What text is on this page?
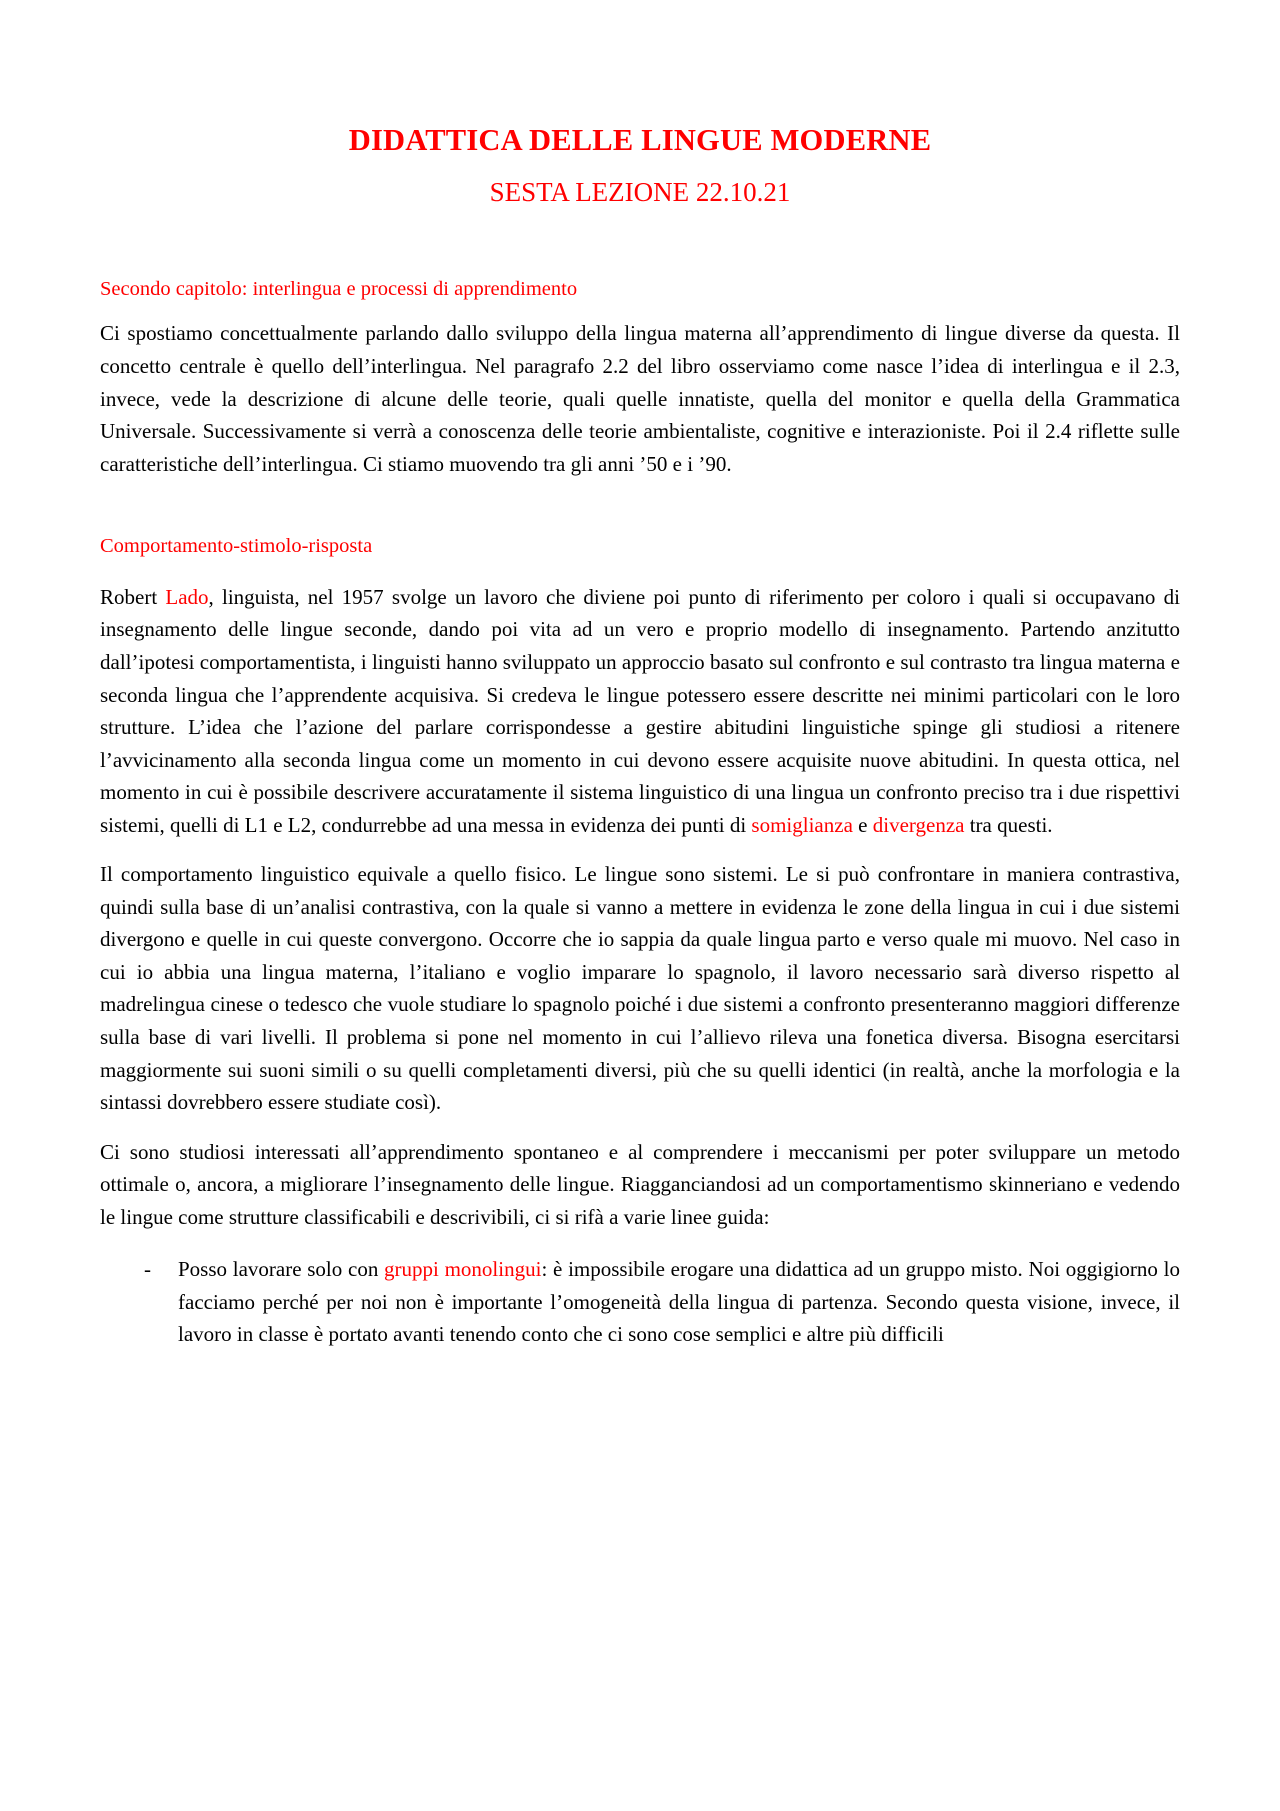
DIDATTICA DELLE LINGUE MODERNE
SESTA LEZIONE 22.10.21
Secondo capitolo: interlingua e processi di apprendimento

Ci spostiamo concettualmente parlando dallo sviluppo della lingua materna all’apprendimento di lingue diverse da questa. Il concetto centrale è quello dell’interlingua. Nel paragrafo 2.2 del libro osserviamo come nasce l’idea di interlingua e il 2.3, invece, vede la descrizione di alcune delle teorie, quali quelle innatiste, quella del monitor e quella della Grammatica Universale. Successivamente si verrà a conoscenza delle teorie ambientaliste, cognitive e interazioniste. Poi il 2.4 riflette sulle caratteristiche dell’interlingua. Ci stiamo muovendo tra gli anni ’50 e i ’90.

Comportamento-stimolo-risposta

Robert Lado, linguista, nel 1957 svolge un lavoro che diviene poi punto di riferimento per coloro i quali si occupavano di insegnamento delle lingue seconde, dando poi vita ad un vero e proprio modello di insegnamento. Partendo anzitutto dall’ipotesi comportamentista, i linguisti hanno sviluppato un approccio basato sul confronto e sul contrasto tra lingua materna e seconda lingua che l’apprendente acquisiva. Si credeva le lingue potessero essere descritte nei minimi particolari con le loro strutture. L’idea che l’azione del parlare corrispondesse a gestire abitudini linguistiche spinge gli studiosi a ritenere l’avvicinamento alla seconda lingua come un momento in cui devono essere acquisite nuove abitudini. In questa ottica, nel momento in cui è possibile descrivere accuratamente il sistema linguistico di una lingua un confronto preciso tra i due rispettivi sistemi, quelli di L1 e L2, condurrebbe ad una messa in evidenza dei punti di somiglianza e divergenza tra questi.

Il comportamento linguistico equivale a quello fisico. Le lingue sono sistemi. Le si può confrontare in maniera contrastiva, quindi sulla base di un’analisi contrastiva, con la quale si vanno a mettere in evidenza le zone della lingua in cui i due sistemi divergono e quelle in cui queste convergono. Occorre che io sappia da quale lingua parto e verso quale mi muovo. Nel caso in cui io abbia una lingua materna, l’italiano e voglio imparare lo spagnolo, il lavoro necessario sarà diverso rispetto al madrelingua cinese o tedesco che vuole studiare lo spagnolo poiché i due sistemi a confronto presenteranno maggiori differenze sulla base di vari livelli. Il problema si pone nel momento in cui l’allievo rileva una fonetica diversa. Bisogna esercitarsi maggiormente sui suoni simili o su quelli completamenti diversi, più che su quelli identici (in realtà, anche la morfologia e la sintassi dovrebbero essere studiate così).

Ci sono studiosi interessati all’apprendimento spontaneo e al comprendere i meccanismi per poter sviluppare un metodo ottimale o, ancora, a migliorare l’insegnamento delle lingue. Riagganciandosi ad un comportamentismo skinneriano e vedendo le lingue come strutture classificabili e descrivibili, ci si rifà a varie linee guida:

- Posso lavorare solo con gruppi monolingui: è impossibile erogare una didattica ad un gruppo misto. Noi oggigiorno lo facciamo perché per noi non è importante l’omogeneità della lingua di partenza. Secondo questa visione, invece, il lavoro in classe è portato avanti tenendo conto che ci sono cose semplici e altre più difficili
